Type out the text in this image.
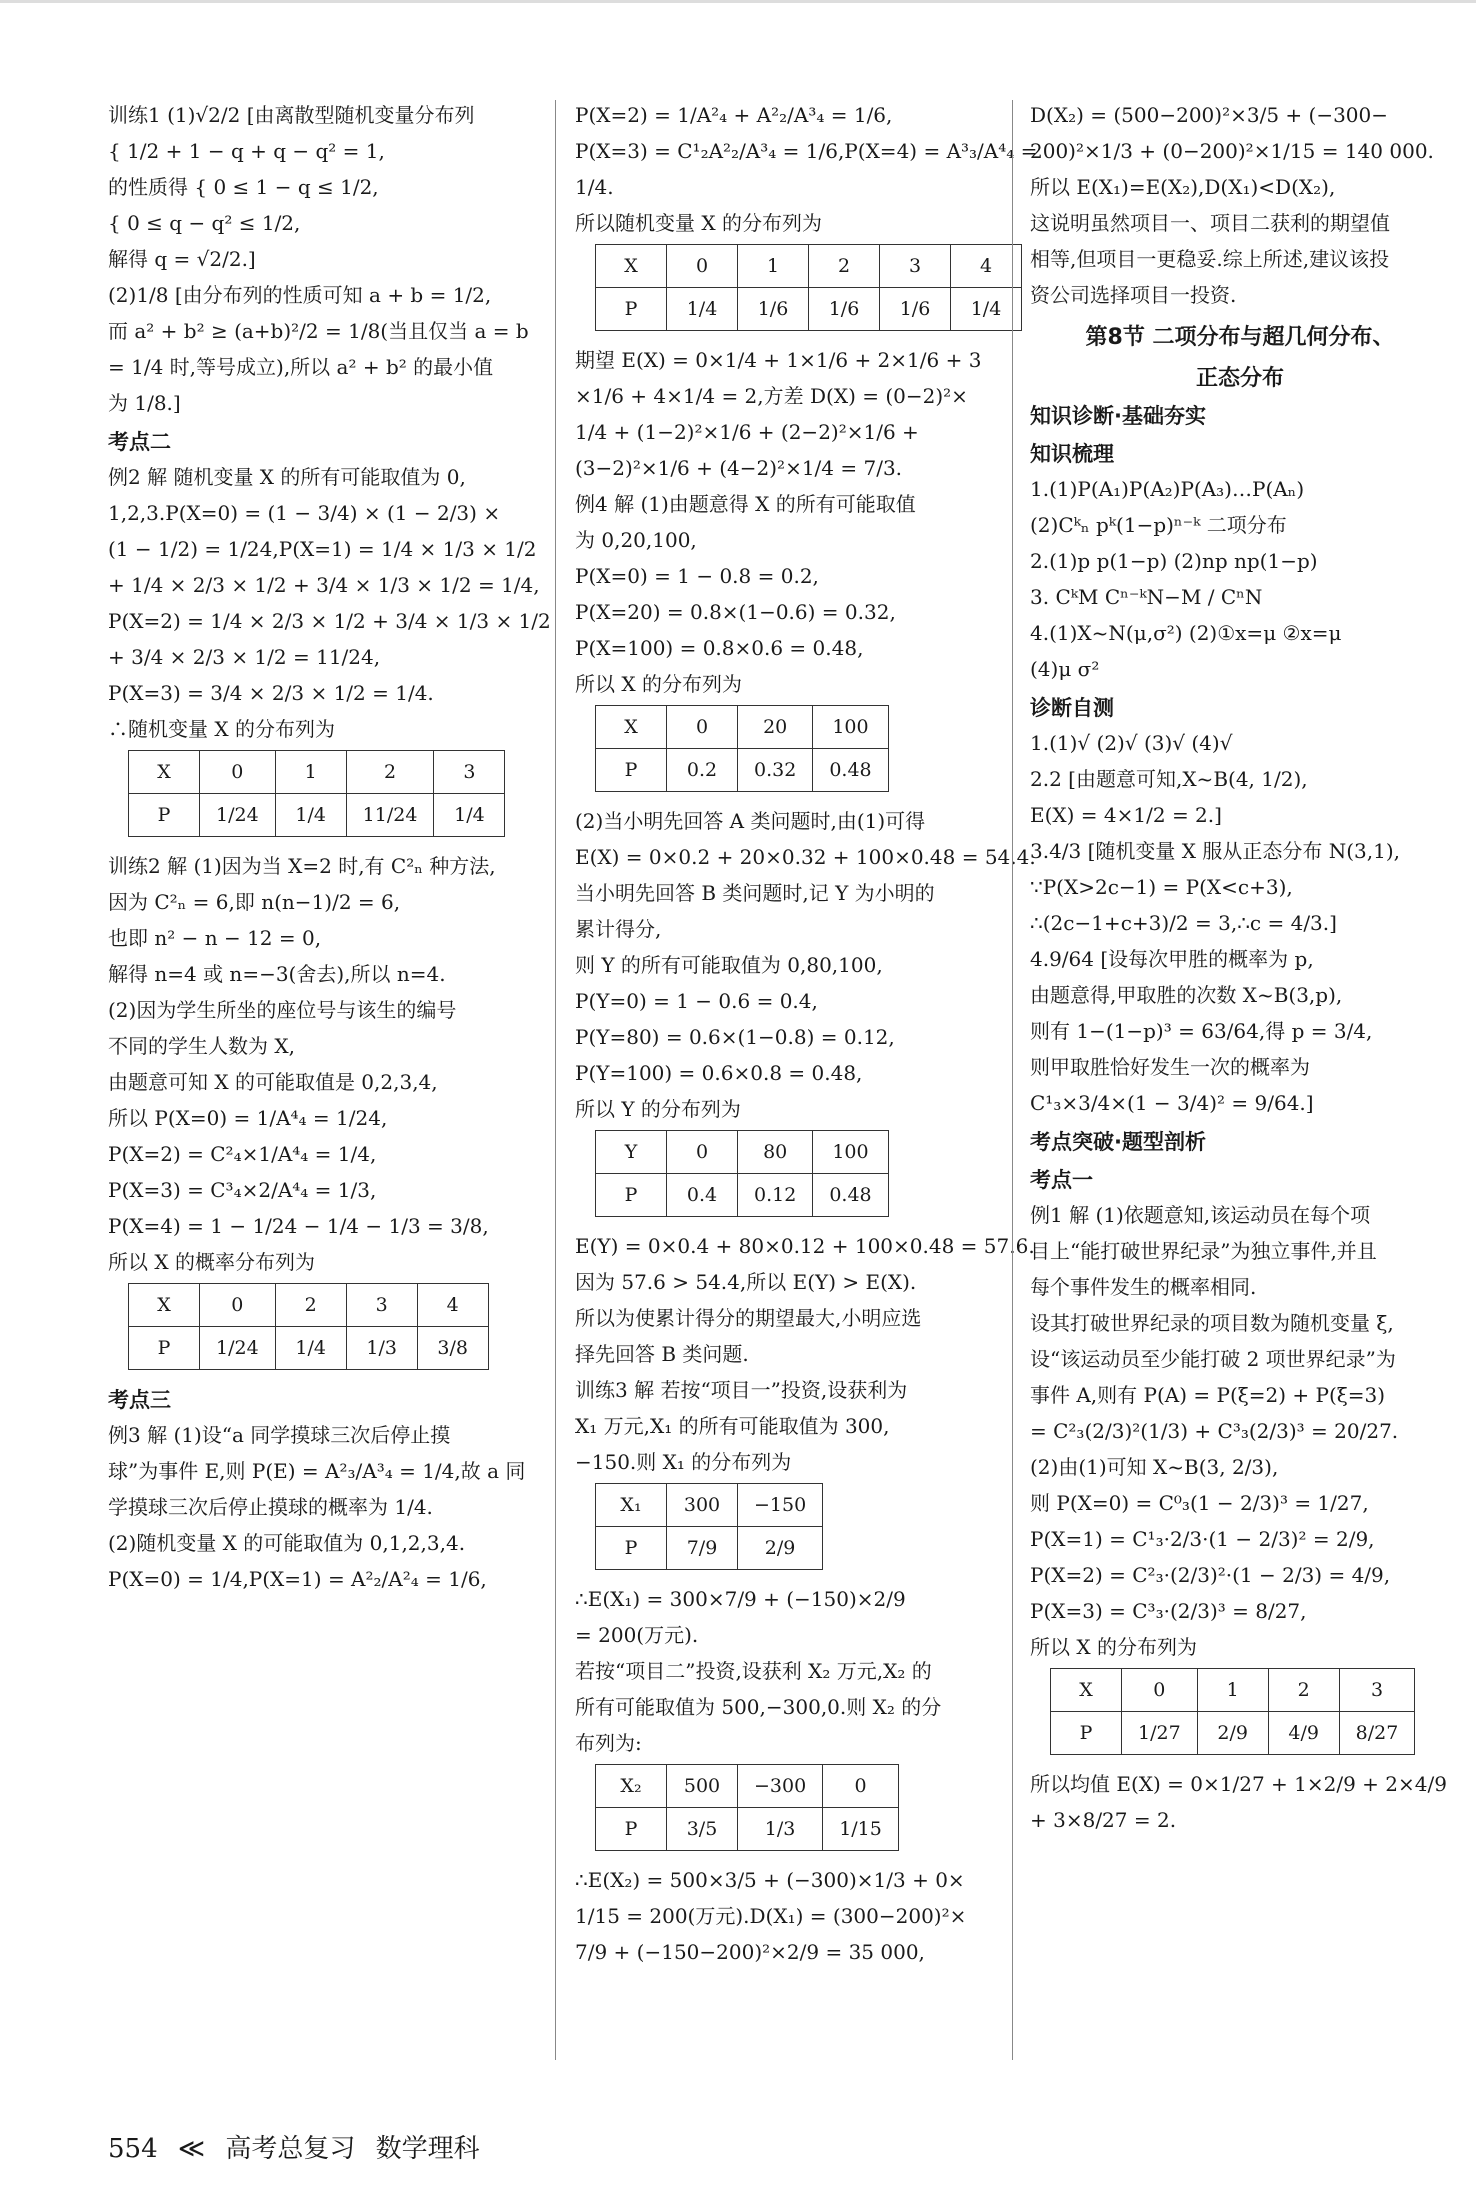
训练1 (1)√2/2 [由离散型随机变量分布列
{ 1/2 + 1 − q + q − q² = 1,
的性质得 { 0 ≤ 1 − q ≤ 1/2,
{ 0 ≤ q − q² ≤ 1/2,
解得 q = √2/2.]
(2)1/8 [由分布列的性质可知 a + b = 1/2,
而 a² + b² ≥ (a+b)²/2 = 1/8(当且仅当 a = b
= 1/4 时,等号成立),所以 a² + b² 的最小值
为 1/8.]
考点二
例2 解 随机变量 X 的所有可能取值为 0,
1,2,3.P(X=0) = (1 − 3/4) × (1 − 2/3) ×
(1 − 1/2) = 1/24,P(X=1) = 1/4 × 1/3 × 1/2
+ 1/4 × 2/3 × 1/2 + 3/4 × 1/3 × 1/2 = 1/4,
P(X=2) = 1/4 × 2/3 × 1/2 + 3/4 × 1/3 × 1/2
+ 3/4 × 2/3 × 1/2 = 11/24,
P(X=3) = 3/4 × 2/3 × 1/2 = 1/4.
∴随机变量 X 的分布列为
X	0	1	2	3
P	1/24	1/4	11/24	1/4
训练2 解 (1)因为当 X=2 时,有 C²ₙ 种方法,
因为 C²ₙ = 6,即 n(n−1)/2 = 6,
也即 n² − n − 12 = 0,
解得 n=4 或 n=−3(舍去),所以 n=4.
(2)因为学生所坐的座位号与该生的编号
不同的学生人数为 X,
由题意可知 X 的可能取值是 0,2,3,4,
所以 P(X=0) = 1/A⁴₄ = 1/24,
P(X=2) = C²₄×1/A⁴₄ = 1/4,
P(X=3) = C³₄×2/A⁴₄ = 1/3,
P(X=4) = 1 − 1/24 − 1/4 − 1/3 = 3/8,
所以 X 的概率分布列为
X	0	2	3	4
P	1/24	1/4	1/3	3/8
考点三
例3 解 (1)设“a 同学摸球三次后停止摸
球”为事件 E,则 P(E) = A²₃/A³₄ = 1/4,故 a 同
学摸球三次后停止摸球的概率为 1/4.
(2)随机变量 X 的可能取值为 0,1,2,3,4.
P(X=0) = 1/4,P(X=1) = A²₂/A²₄ = 1/6,
P(X=2) = 1/A²₄ + A²₂/A³₄ = 1/6,
P(X=3) = C¹₂A²₂/A³₄ = 1/6,P(X=4) = A³₃/A⁴₄ =
1/4.
所以随机变量 X 的分布列为
X	0	1	2	3	4
P	1/4	1/6	1/6	1/6	1/4
期望 E(X) = 0×1/4 + 1×1/6 + 2×1/6 + 3
×1/6 + 4×1/4 = 2,方差 D(X) = (0−2)²×
1/4 + (1−2)²×1/6 + (2−2)²×1/6 +
(3−2)²×1/6 + (4−2)²×1/4 = 7/3.
例4 解 (1)由题意得 X 的所有可能取值
为 0,20,100,
P(X=0) = 1 − 0.8 = 0.2,
P(X=20) = 0.8×(1−0.6) = 0.32,
P(X=100) = 0.8×0.6 = 0.48,
所以 X 的分布列为
X	0	20	100
P	0.2	0.32	0.48
(2)当小明先回答 A 类问题时,由(1)可得
E(X) = 0×0.2 + 20×0.32 + 100×0.48 = 54.4.
当小明先回答 B 类问题时,记 Y 为小明的
累计得分,
则 Y 的所有可能取值为 0,80,100,
P(Y=0) = 1 − 0.6 = 0.4,
P(Y=80) = 0.6×(1−0.8) = 0.12,
P(Y=100) = 0.6×0.8 = 0.48,
所以 Y 的分布列为
Y	0	80	100
P	0.4	0.12	0.48
E(Y) = 0×0.4 + 80×0.12 + 100×0.48 = 57.6.
因为 57.6 > 54.4,所以 E(Y) > E(X).
所以为使累计得分的期望最大,小明应选
择先回答 B 类问题.
训练3 解 若按“项目一”投资,设获利为
X₁ 万元,X₁ 的所有可能取值为 300,
−150.则 X₁ 的分布列为
X₁	300	−150
P	7/9	2/9
∴E(X₁) = 300×7/9 + (−150)×2/9
= 200(万元).
若按“项目二”投资,设获利 X₂ 万元,X₂ 的
所有可能取值为 500,−300,0.则 X₂ 的分
布列为:
X₂	500	−300	0
P	3/5	1/3	1/15
∴E(X₂) = 500×3/5 + (−300)×1/3 + 0×
1/15 = 200(万元).D(X₁) = (300−200)²×
7/9 + (−150−200)²×2/9 = 35 000,
D(X₂) = (500−200)²×3/5 + (−300−
200)²×1/3 + (0−200)²×1/15 = 140 000.
所以 E(X₁)=E(X₂),D(X₁)<D(X₂),
这说明虽然项目一、项目二获利的期望值
相等,但项目一更稳妥.综上所述,建议该投
资公司选择项目一投资.
第8节 二项分布与超几何分布、
正态分布
知识诊断·基础夯实
知识梳理
1.(1)P(A₁)P(A₂)P(A₃)…P(Aₙ)
(2)Cᵏₙ pᵏ(1−p)ⁿ⁻ᵏ 二项分布
2.(1)p p(1−p) (2)np np(1−p)
3. CᵏM Cⁿ⁻ᵏN−M / CⁿN
4.(1)X~N(μ,σ²) (2)①x=μ ②x=μ
(4)μ σ²
诊断自测
1.(1)√ (2)√ (3)√ (4)√
2.2 [由题意可知,X~B(4, 1/2),
E(X) = 4×1/2 = 2.]
3.4/3 [随机变量 X 服从正态分布 N(3,1),
∵P(X>2c−1) = P(X<c+3),
∴(2c−1+c+3)/2 = 3,∴c = 4/3.]
4.9/64 [设每次甲胜的概率为 p,
由题意得,甲取胜的次数 X~B(3,p),
则有 1−(1−p)³ = 63/64,得 p = 3/4,
则甲取胜恰好发生一次的概率为
C¹₃×3/4×(1 − 3/4)² = 9/64.]
考点突破·题型剖析
考点一
例1 解 (1)依题意知,该运动员在每个项
目上“能打破世界纪录”为独立事件,并且
每个事件发生的概率相同.
设其打破世界纪录的项目数为随机变量 ξ,
设“该运动员至少能打破 2 项世界纪录”为
事件 A,则有 P(A) = P(ξ=2) + P(ξ=3)
= C²₃(2/3)²(1/3) + C³₃(2/3)³ = 20/27.
(2)由(1)可知 X~B(3, 2/3),
则 P(X=0) = C⁰₃(1 − 2/3)³ = 1/27,
P(X=1) = C¹₃·2/3·(1 − 2/3)² = 2/9,
P(X=2) = C²₃·(2/3)²·(1 − 2/3) = 4/9,
P(X=3) = C³₃·(2/3)³ = 8/27,
所以 X 的分布列为
X	0	1	2	3
P	1/27	2/9	4/9	8/27
所以均值 E(X) = 0×1/27 + 1×2/9 + 2×4/9
+ 3×8/27 = 2.
554 ≪ 高考总复习 数学理科
